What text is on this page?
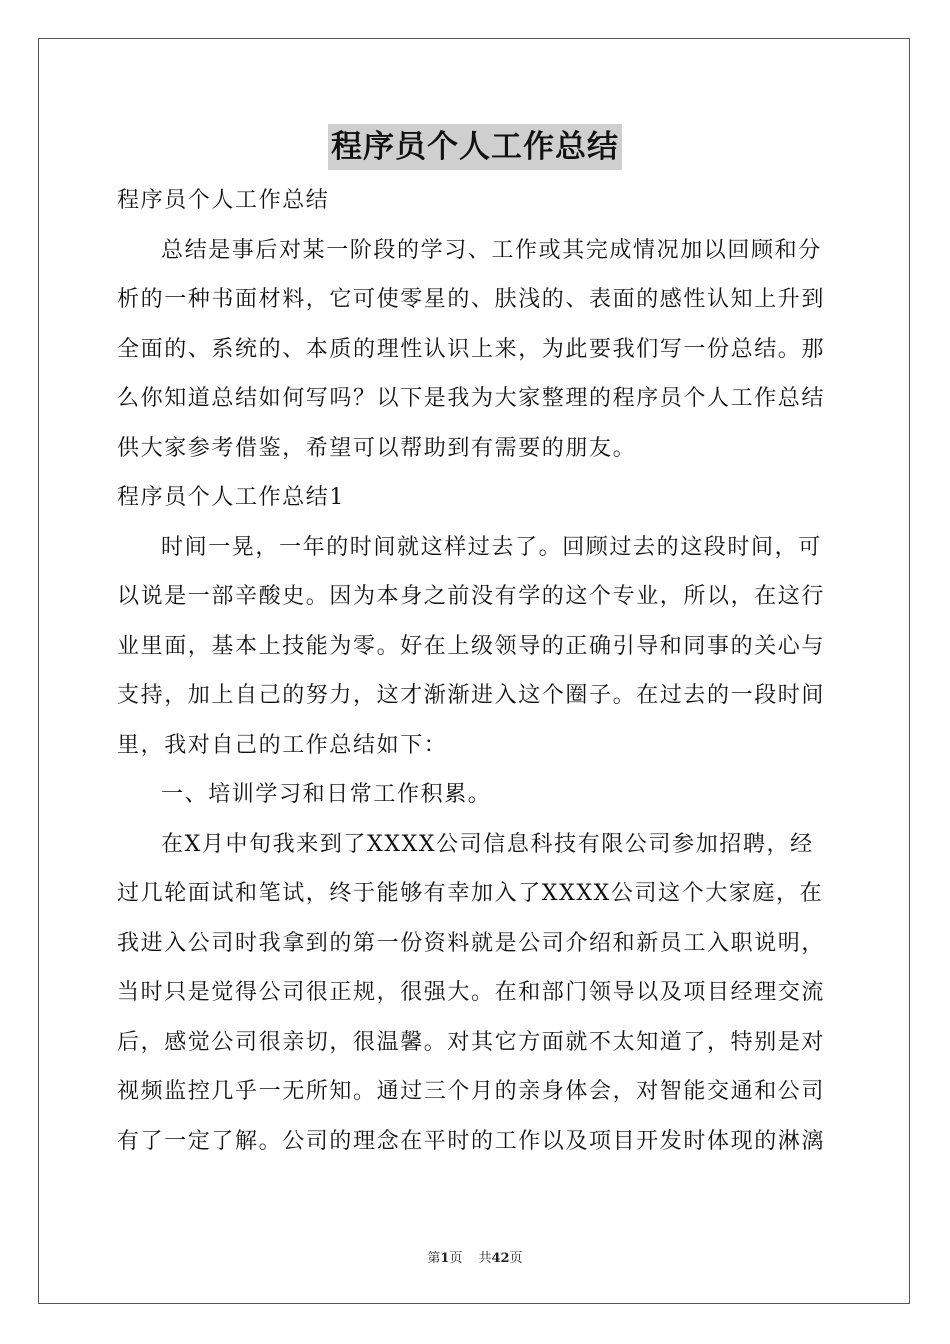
程序员个人工作总结

程序员个人工作总结

总结是事后对某一阶段的学习、工作或其完成情况加以回顾和分析的一种书面材料，它可使零星的、肤浅的、表面的感性认知上升到全面的、系统的、本质的理性认识上来，为此要我们写一份总结。那么你知道总结如何写吗？以下是我为大家整理的程序员个人工作总结供大家参考借鉴，希望可以帮助到有需要的朋友。

程序员个人工作总结1

时间一晃，一年的时间就这样过去了。回顾过去的这段时间，可以说是一部辛酸史。因为本身之前没有学的这个专业，所以，在这行业里面，基本上技能为零。好在上级领导的正确引导和同事的关心与支持，加上自己的努力，这才渐渐进入这个圈子。在过去的一段时间里，我对自己的工作总结如下：

一、培训学习和日常工作积累。

在X月中旬我来到了XXXX公司信息科技有限公司参加招聘，经过几轮面试和笔试，终于能够有幸加入了XXXX公司这个大家庭，在我进入公司时我拿到的第一份资料就是公司介绍和新员工入职说明，当时只是觉得公司很正规，很强大。在和部门领导以及项目经理交流后，感觉公司很亲切，很温馨。对其它方面就不太知道了，特别是对视频监控几乎一无所知。通过三个月的亲身体会，对智能交通和公司有了一定了解。公司的理念在平时的工作以及项目开发时体现的淋漓

第1页 共42页
